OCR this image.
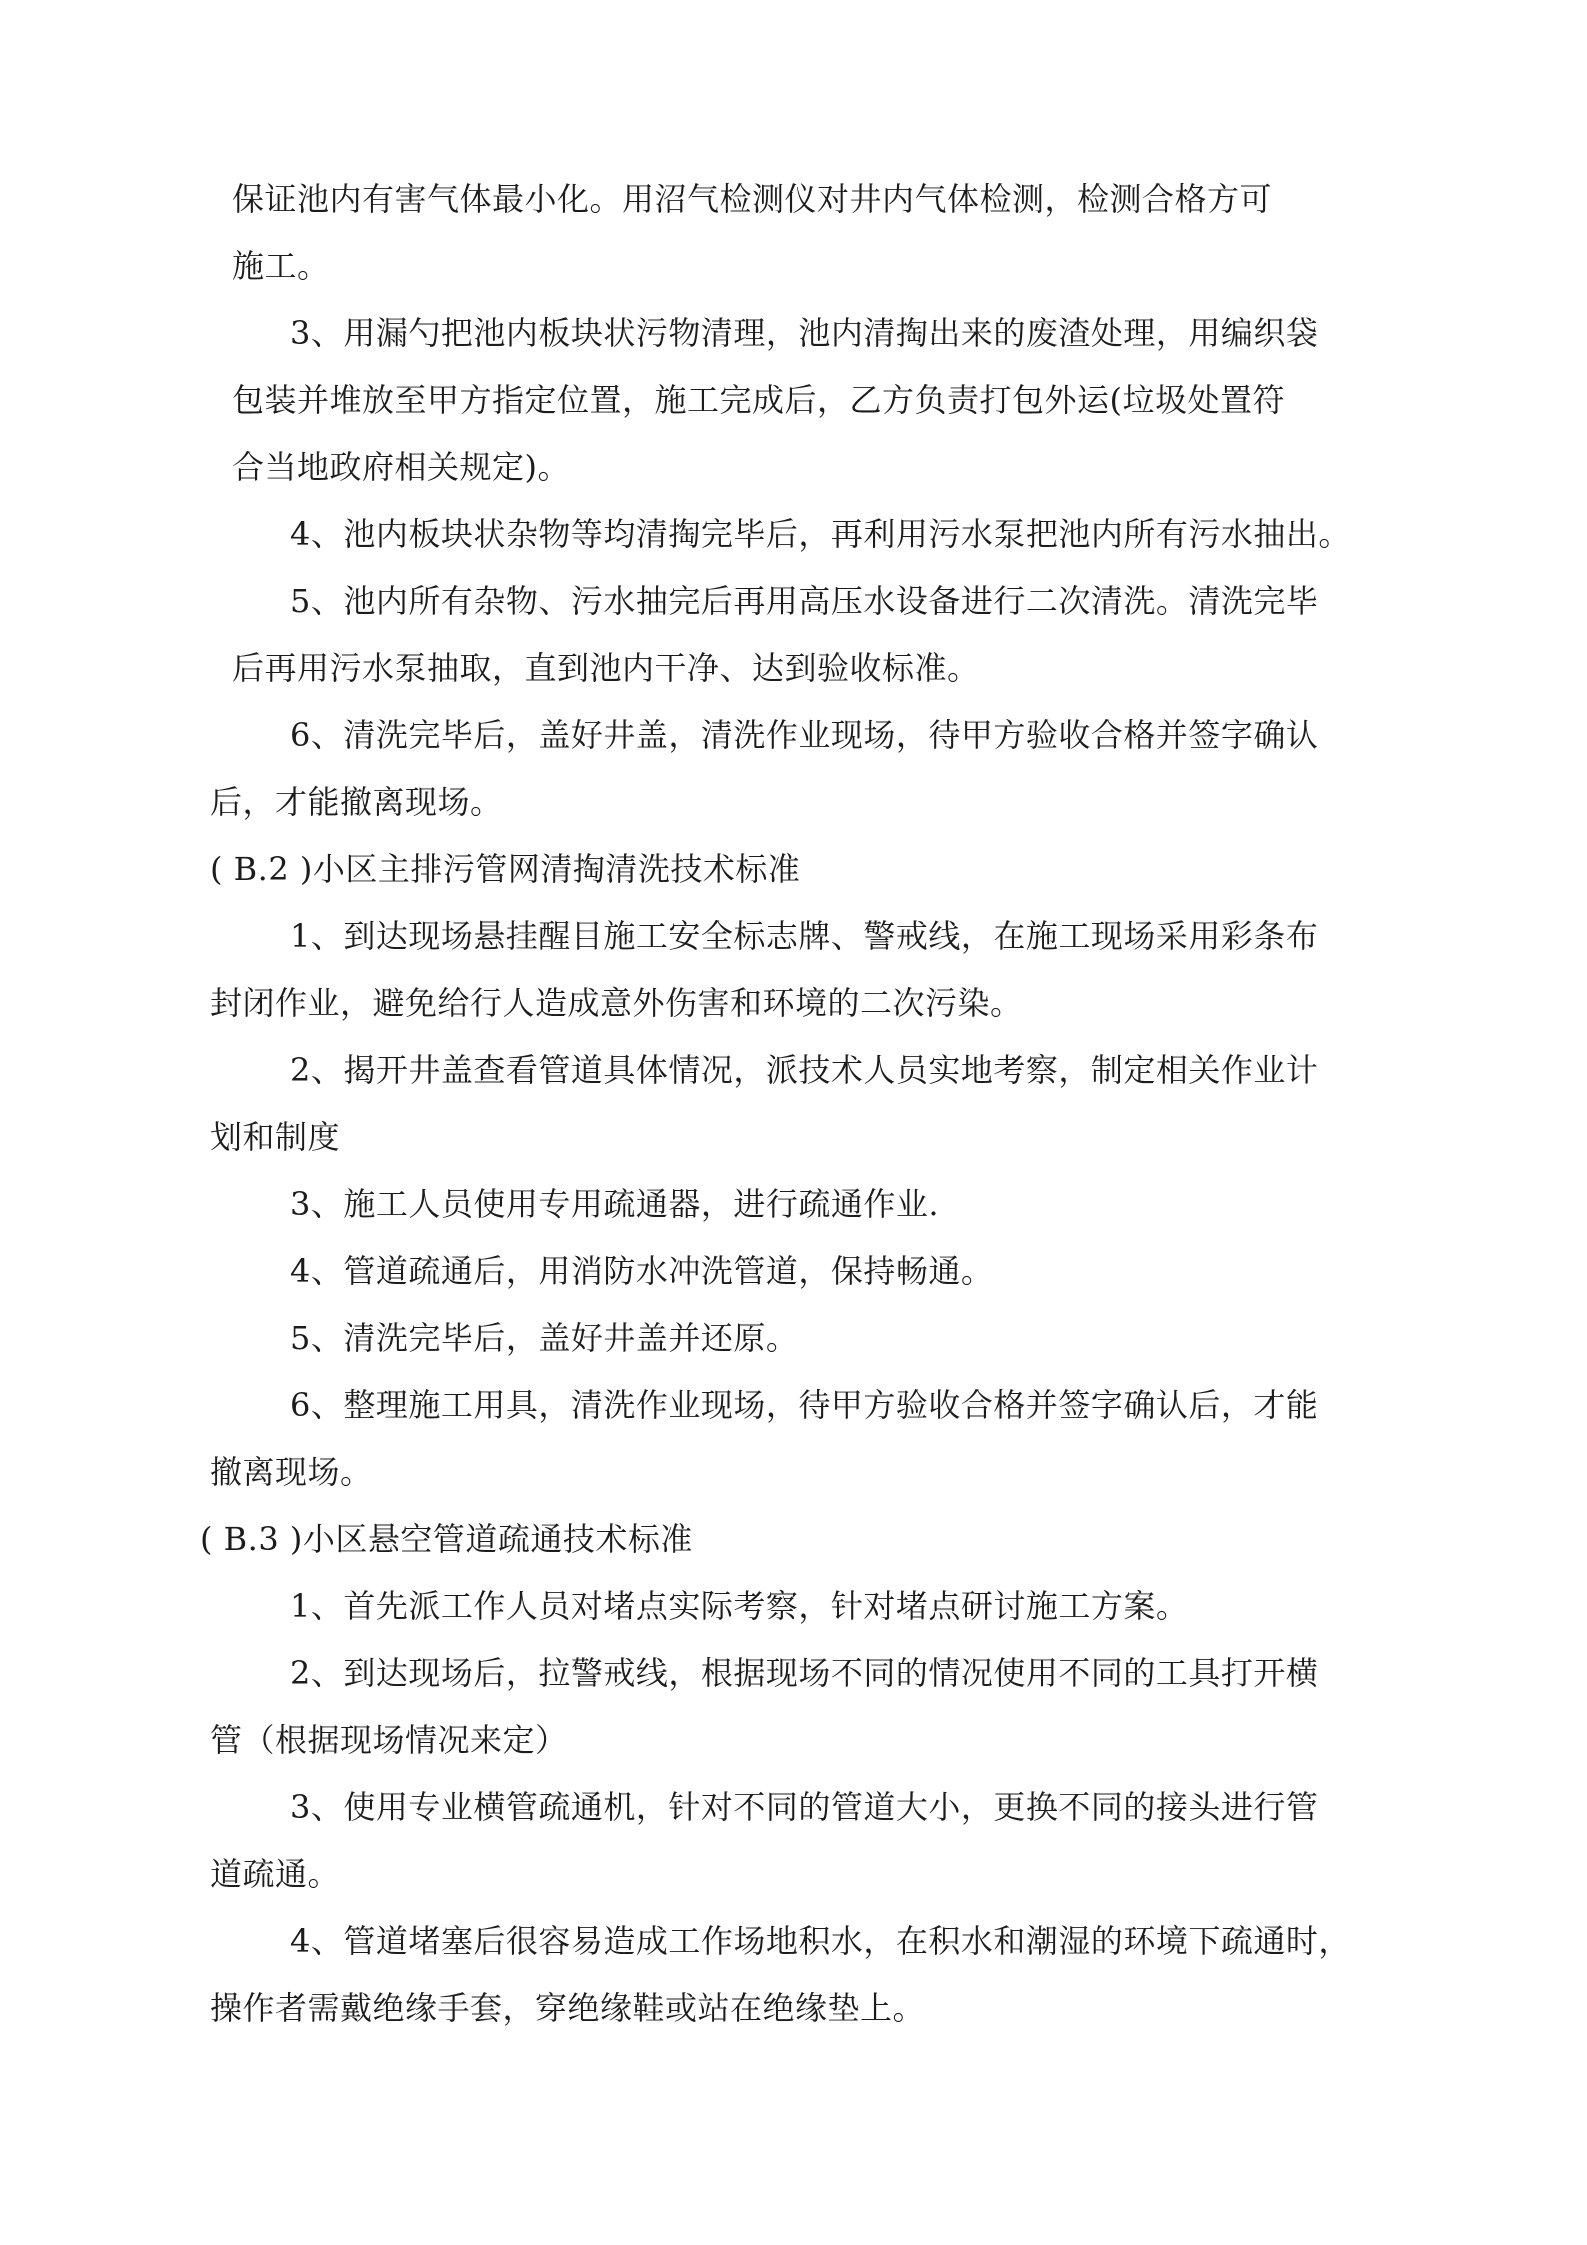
保证池内有害气体最小化。用沼气检测仪对井内气体检测，检测合格方可
施工。
3、用漏勺把池内板块状污物清理，池内清掏出来的废渣处理，用编织袋
包装并堆放至甲方指定位置，施工完成后，乙方负责打包外运(垃圾处置符
合当地政府相关规定)。
4、池内板块状杂物等均清掏完毕后，再利用污水泵把池内所有污水抽出。
5、池内所有杂物、污水抽完后再用高压水设备进行二次清洗。清洗完毕
后再用污水泵抽取，直到池内干净、达到验收标准。
6、清洗完毕后，盖好井盖，清洗作业现场，待甲方验收合格并签字确认
后，才能撤离现场。
( B.2 )小区主排污管网清掏清洗技术标准
1、到达现场悬挂醒目施工安全标志牌、警戒线，在施工现场采用彩条布
封闭作业，避免给行人造成意外伤害和环境的二次污染。
2、揭开井盖查看管道具体情况，派技术人员实地考察，制定相关作业计
划和制度
3、施工人员使用专用疏通器，进行疏通作业.
4、管道疏通后，用消防水冲洗管道，保持畅通。
5、清洗完毕后，盖好井盖并还原。
6、整理施工用具，清洗作业现场，待甲方验收合格并签字确认后，才能
撤离现场。
( B.3 )小区悬空管道疏通技术标准
1、首先派工作人员对堵点实际考察，针对堵点研讨施工方案。
2、到达现场后，拉警戒线，根据现场不同的情况使用不同的工具打开横
管（根据现场情况来定）
3、使用专业横管疏通机，针对不同的管道大小，更换不同的接头进行管
道疏通。
4、管道堵塞后很容易造成工作场地积水，在积水和潮湿的环境下疏通时，
操作者需戴绝缘手套，穿绝缘鞋或站在绝缘垫上。
